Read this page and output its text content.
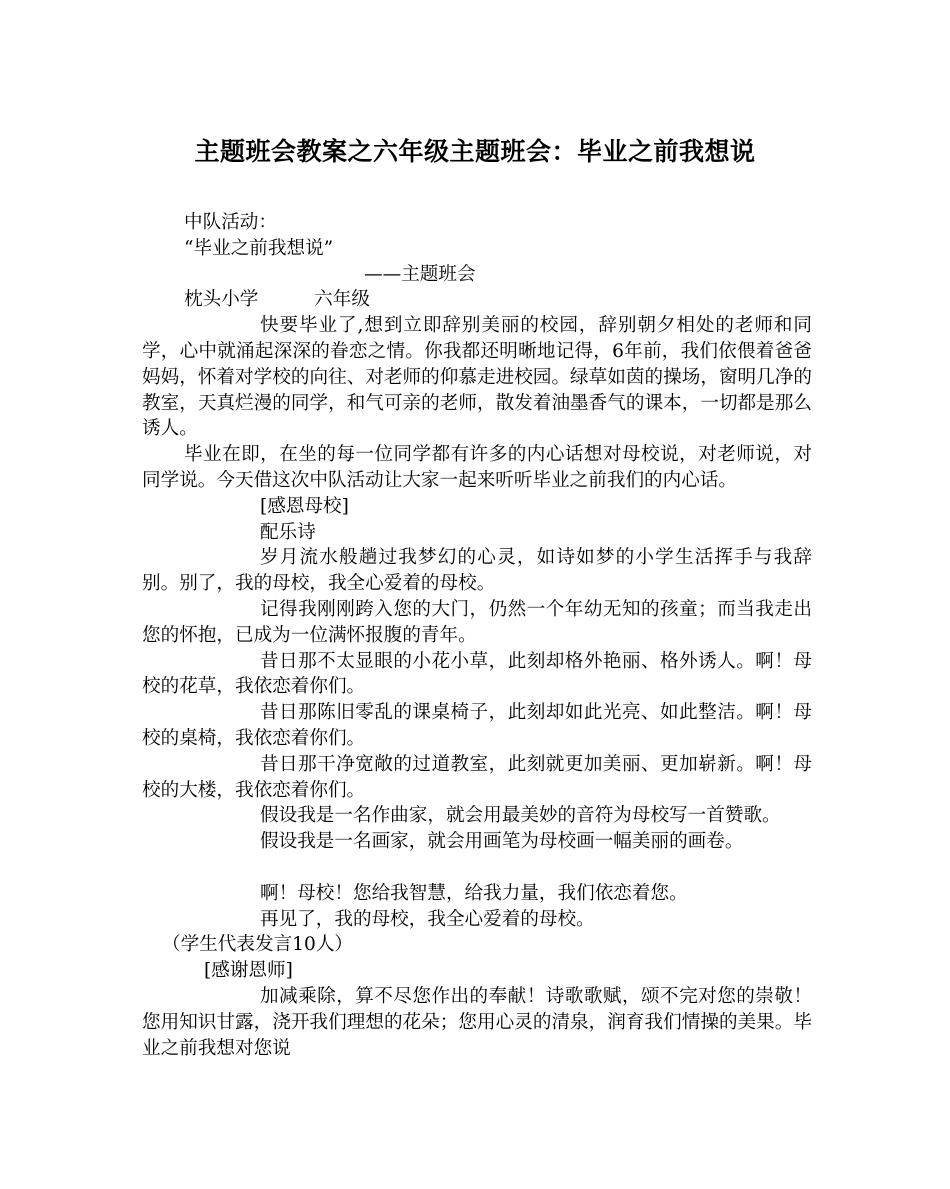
主题班会教案之六年级主题班会：毕业之前我想说
中队活动：
“毕业之前我想说”
——主题班会
枕头小学　　　六年级
快要毕业了,想到立即辞别美丽的校园，辞别朝夕相处的老师和同学，心中就涌起深深的眷恋之情。你我都还明晰地记得，6年前，我们依偎着爸爸妈妈，怀着对学校的向往、对老师的仰慕走进校园。绿草如茵的操场，窗明几净的教室，天真烂漫的同学，和气可亲的老师，散发着油墨香气的课本，一切都是那么诱人。
毕业在即，在坐的每一位同学都有许多的内心话想对母校说，对老师说，对同学说。今天借这次中队活动让大家一起来听听毕业之前我们的内心话。
[感恩母校]
配乐诗
岁月流水般趟过我梦幻的心灵，如诗如梦的小学生活挥手与我辞别。别了，我的母校，我全心爱着的母校。
记得我刚刚跨入您的大门，仍然一个年幼无知的孩童；而当我走出您的怀抱，已成为一位满怀报腹的青年。
昔日那不太显眼的小花小草，此刻却格外艳丽、格外诱人。啊！母校的花草，我依恋着你们。
昔日那陈旧零乱的课桌椅子，此刻却如此光亮、如此整洁。啊！母校的桌椅，我依恋着你们。
昔日那干净宽敞的过道教室，此刻就更加美丽、更加崭新。啊！母校的大楼，我依恋着你们。
假设我是一名作曲家，就会用最美妙的音符为母校写一首赞歌。
假设我是一名画家，就会用画笔为母校画一幅美丽的画卷。
啊！母校！您给我智慧，给我力量，我们依恋着您。
再见了，我的母校，我全心爱着的母校。
（学生代表发言10人）
[感谢恩师]
加减乘除，算不尽您作出的奉献！诗歌歌赋，颂不完对您的崇敬！您用知识甘露，浇开我们理想的花朵；您用心灵的清泉，润育我们情操的美果。毕业之前我想对您说
